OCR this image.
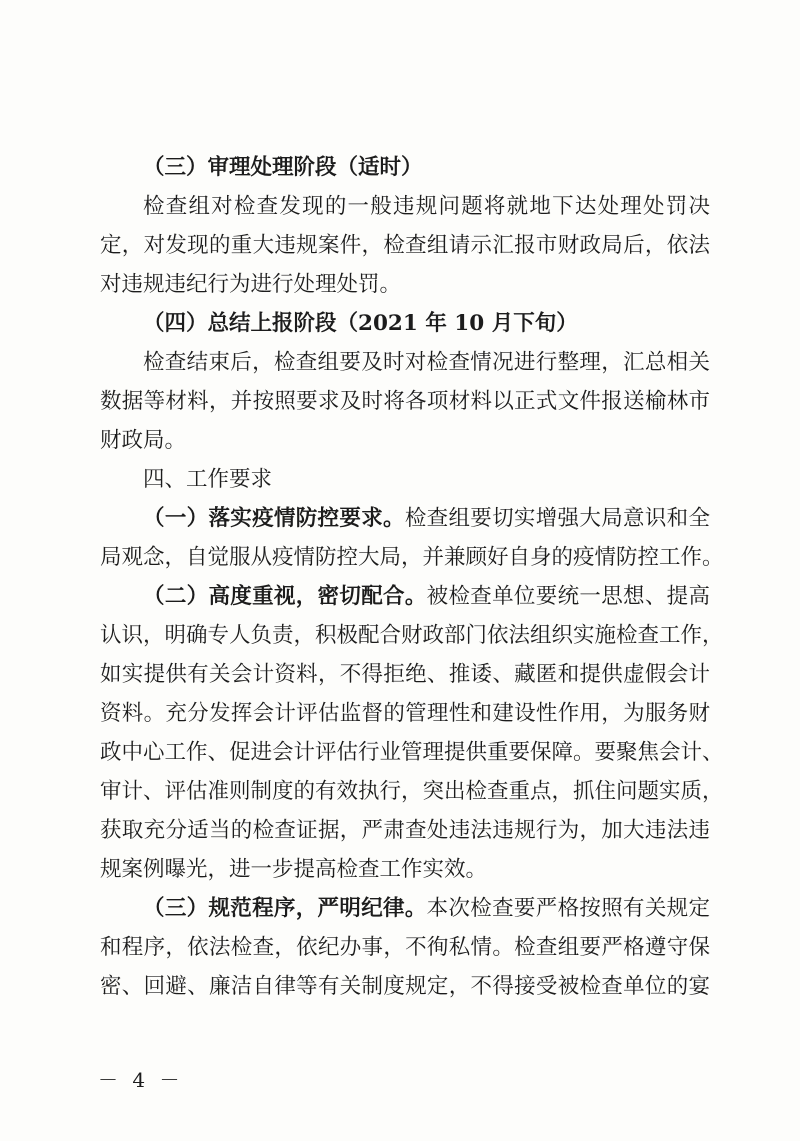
（三）审理处理阶段（适时）
检查组对检查发现的一般违规问题将就地下达处理处罚决
定，对发现的重大违规案件，检查组请示汇报市财政局后，依法
对违规违纪行为进行处理处罚。
（四）总结上报阶段（2021 年 10 月下旬）
检查结束后，检查组要及时对检查情况进行整理，汇总相关
数据等材料，并按照要求及时将各项材料以正式文件报送榆林市
财政局。
四、工作要求
（一）落实疫情防控要求。检查组要切实增强大局意识和全
局观念，自觉服从疫情防控大局，并兼顾好自身的疫情防控工作。
（二）高度重视，密切配合。被检查单位要统一思想、提高
认识，明确专人负责，积极配合财政部门依法组织实施检查工作，
如实提供有关会计资料，不得拒绝、推诿、藏匿和提供虚假会计
资料。充分发挥会计评估监督的管理性和建设性作用，为服务财
政中心工作、促进会计评估行业管理提供重要保障。要聚焦会计、
审计、评估准则制度的有效执行，突出检查重点，抓住问题实质，
获取充分适当的检查证据，严肃查处违法违规行为，加大违法违
规案例曝光，进一步提高检查工作实效。
（三）规范程序，严明纪律。本次检查要严格按照有关规定
和程序，依法检查，依纪办事，不徇私情。检查组要严格遵守保
密、回避、廉洁自律等有关制度规定，不得接受被检查单位的宴
－ 4 －
